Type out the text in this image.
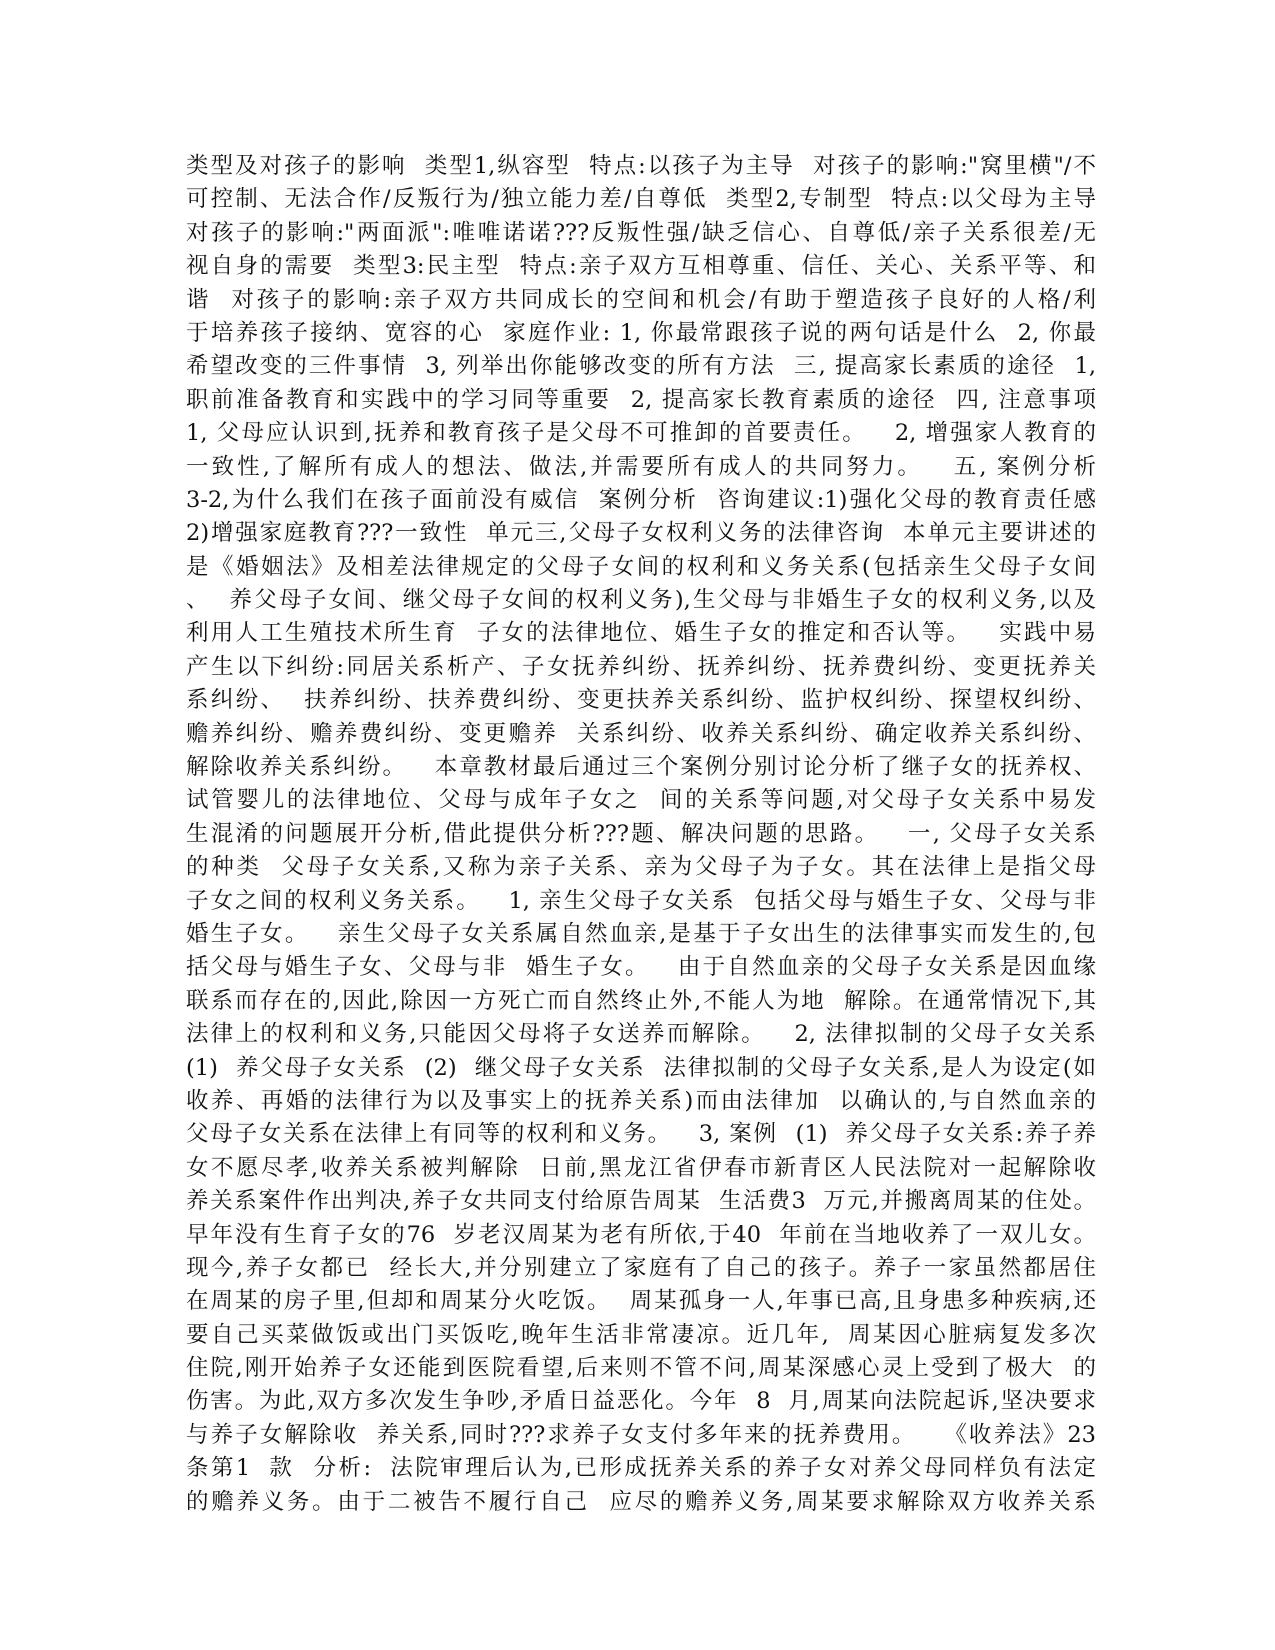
类型及对孩子的影响  类型1,纵容型  特点:以孩子为主导  对孩子的影响:"窝里横"/不
可控制、无法合作/反叛行为/独立能力差/自尊低  类型2,专制型  特点:以父母为主导
对孩子的影响:"两面派":唯唯诺诺???反叛性强/缺乏信心、自尊低/亲子关系很差/无
视自身的需要  类型3:民主型  特点:亲子双方互相尊重、信任、关心、关系平等、和
谐  对孩子的影响:亲子双方共同成长的空间和机会/有助于塑造孩子良好的人格/利
于培养孩子接纳、宽容的心  家庭作业: 1, 你最常跟孩子说的两句话是什么  2, 你最
希望改变的三件事情  3, 列举出你能够改变的所有方法  三, 提高家长素质的途径  1,
职前准备教育和实践中的学习同等重要  2, 提高家长教育素质的途径  四, 注意事项
1, 父母应认识到,抚养和教育孩子是父母不可推卸的首要责任。   2, 增强家人教育的
一致性,了解所有成人的想法、做法,并需要所有成人的共同努力。   五, 案例分析
3-2,为什么我们在孩子面前没有威信  案例分析  咨询建议:1)强化父母的教育责任感
2)增强家庭教育???一致性  单元三,父母子女权利义务的法律咨询  本单元主要讲述的
是《婚姻法》及相差法律规定的父母子女间的权利和义务关系(包括亲生父母子女间
、  养父母子女间、继父母子女间的权利义务),生父母与非婚生子女的权利义务,以及
利用人工生殖技术所生育  子女的法律地位、婚生子女的推定和否认等。   实践中易
产生以下纠纷:同居关系析产、子女抚养纠纷、抚养纠纷、抚养费纠纷、变更抚养关
系纠纷、  扶养纠纷、扶养费纠纷、变更扶养关系纠纷、监护权纠纷、探望权纠纷、
赡养纠纷、赡养费纠纷、变更赡养  关系纠纷、收养关系纠纷、确定收养关系纠纷、
解除收养关系纠纷。   本章教材最后通过三个案例分别讨论分析了继子女的抚养权、
试管婴儿的法律地位、父母与成年子女之  间的关系等问题,对父母子女关系中易发
生混淆的问题展开分析,借此提供分析???题、解决问题的思路。   一, 父母子女关系
的种类  父母子女关系,又称为亲子关系、亲为父母子为子女。其在法律上是指父母
子女之间的权利义务关系。   1, 亲生父母子女关系  包括父母与婚生子女、父母与非
婚生子女。   亲生父母子女关系属自然血亲,是基于子女出生的法律事实而发生的,包
括父母与婚生子女、父母与非  婚生子女。   由于自然血亲的父母子女关系是因血缘
联系而存在的,因此,除因一方死亡而自然终止外,不能人为地  解除。在通常情况下,其
法律上的权利和义务,只能因父母将子女送养而解除。   2, 法律拟制的父母子女关系
(1)  养父母子女关系  (2)  继父母子女关系  法律拟制的父母子女关系,是人为设定(如
收养、再婚的法律行为以及事实上的抚养关系)而由法律加  以确认的,与自然血亲的
父母子女关系在法律上有同等的权利和义务。   3, 案例  (1)  养父母子女关系:养子养
女不愿尽孝,收养关系被判解除  日前,黑龙江省伊春市新青区人民法院对一起解除收
养关系案件作出判决,养子女共同支付给原告周某  生活费3  万元,并搬离周某的住处。
早年没有生育子女的76  岁老汉周某为老有所依,于40  年前在当地收养了一双儿女。
现今,养子女都已  经长大,并分别建立了家庭有了自己的孩子。养子一家虽然都居住
在周某的房子里,但却和周某分火吃饭。  周某孤身一人,年事已高,且身患多种疾病,还
要自己买菜做饭或出门买饭吃,晚年生活非常凄凉。近几年,  周某因心脏病复发多次
住院,刚开始养子女还能到医院看望,后来则不管不问,周某深感心灵上受到了极大  的
伤害。为此,双方多次发生争吵,矛盾日益恶化。今年  8  月,周某向法院起诉,坚决要求
与养子女解除收  养关系,同时???求养子女支付多年来的抚养费用。   《收养法》23
条第1  款  分析:  法院审理后认为,已形成抚养关系的养子女对养父母同样负有法定
的赡养义务。由于二被告不履行自己  应尽的赡养义务,周某要求解除双方收养关系
